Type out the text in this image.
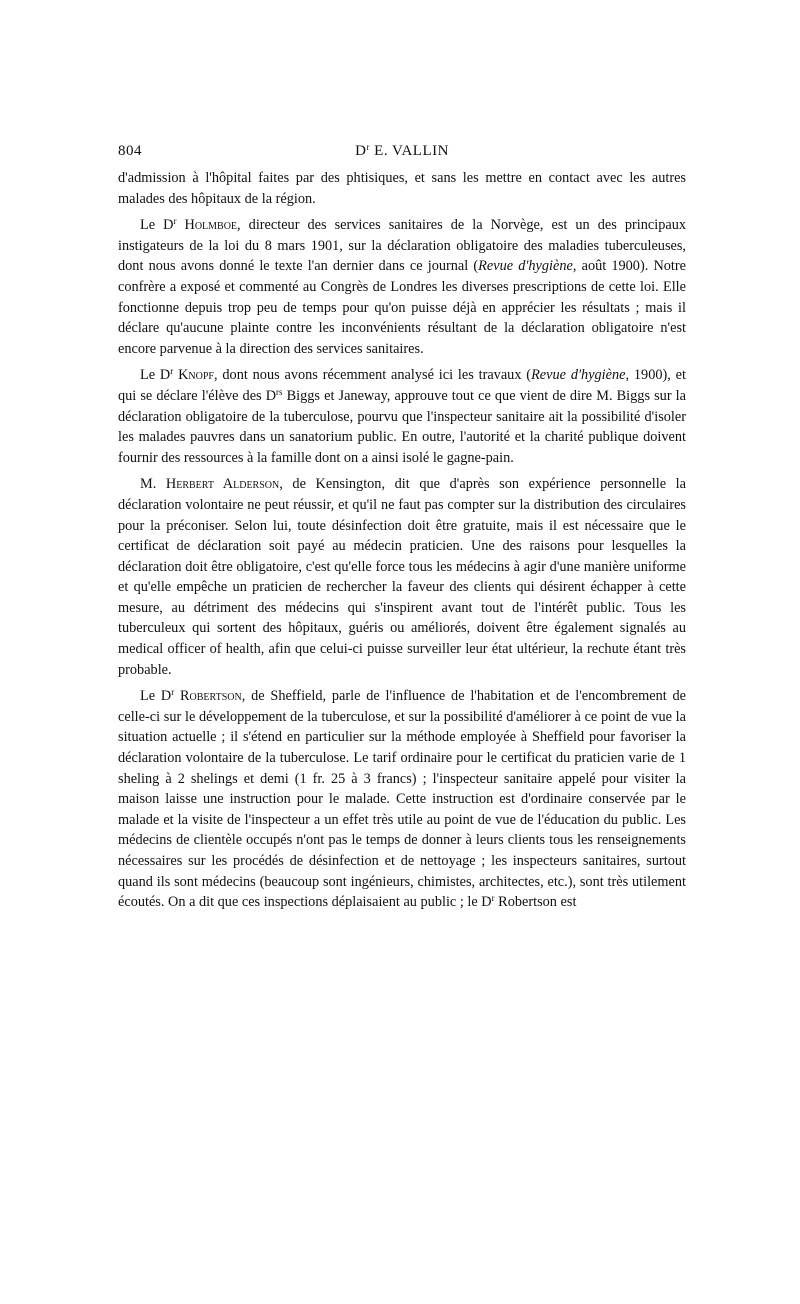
804	$D^r$ E. VALLIN

d'admission à l'hôpital faites par des phtisiques, et sans les mettre en contact avec les autres malades des hôpitaux de la région.

Le $D^r$ Holmboe, directeur des services sanitaires de la Norvège, est un des principaux instigateurs de la loi du 8 mars 1901, sur la déclaration obligatoire des maladies tuberculeuses, dont nous avons donné le texte l'an dernier dans ce journal (Revue d'hygiène, août 1900). Notre confrère a exposé et commenté au Congrès de Londres les diverses prescriptions de cette loi. Elle fonctionne depuis trop peu de temps pour qu'on puisse déjà en apprécier les résultats ; mais il déclare qu'aucune plainte contre les inconvénients résultant de la déclaration obligatoire n'est encore parvenue à la direction des services sanitaires.

Le $D^r$ Knopf, dont nous avons récemment analysé ici les travaux (Revue d'hygiène, 1900), et qui se déclare l'élève des $D^{rs}$ Biggs et Janeway, approuve tout ce que vient de dire M. Biggs sur la déclaration obligatoire de la tuberculose, pourvu que l'inspecteur sanitaire ait la possibilité d'isoler les malades pauvres dans un sanatorium public. En outre, l'autorité et la charité publique doivent fournir des ressources à la famille dont on a ainsi isolé le gagne-pain.

M. Herbert Alderson, de Kensington, dit que d'après son expérience personnelle la déclaration volontaire ne peut réussir, et qu'il ne faut pas compter sur la distribution des circulaires pour la préconiser. Selon lui, toute désinfection doit être gratuite, mais il est nécessaire que le certificat de déclaration soit payé au médecin praticien. Une des raisons pour lesquelles la déclaration doit être obligatoire, c'est qu'elle force tous les médecins à agir d'une manière uniforme et qu'elle empêche un praticien de rechercher la faveur des clients qui désirent échapper à cette mesure, au détriment des médecins qui s'inspirent avant tout de l'intérêt public. Tous les tuberculeux qui sortent des hôpitaux, guéris ou améliorés, doivent être également signalés au medical officer of health, afin que celui-ci puisse surveiller leur état ultérieur, la rechute étant très probable.

Le $D^r$ Robertson, de Sheffield, parle de l'influence de l'habitation et de l'encombrement de celle-ci sur le développement de la tuberculose, et sur la possibilité d'améliorer à ce point de vue la situation actuelle ; il s'étend en particulier sur la méthode employée à Sheffield pour favoriser la déclaration volontaire de la tuberculose. Le tarif ordinaire pour le certificat du praticien varie de 1 sheling à 2 shelings et demi (1 fr. 25 à 3 francs) ; l'inspecteur sanitaire appelé pour visiter la maison laisse une instruction pour le malade. Cette instruction est d'ordinaire conservée par le malade et la visite de l'inspecteur a un effet très utile au point de vue de l'éducation du public. Les médecins de clientèle occupés n'ont pas le temps de donner à leurs clients tous les renseignements nécessaires sur les procédés de désinfection et de nettoyage ; les inspecteurs sanitaires, surtout quand ils sont médecins (beaucoup sont ingénieurs, chimistes, architectes, etc.), sont très utilement écoutés. On a dit que ces inspections déplaisaient au public ; le $D^r$ Robertson est
